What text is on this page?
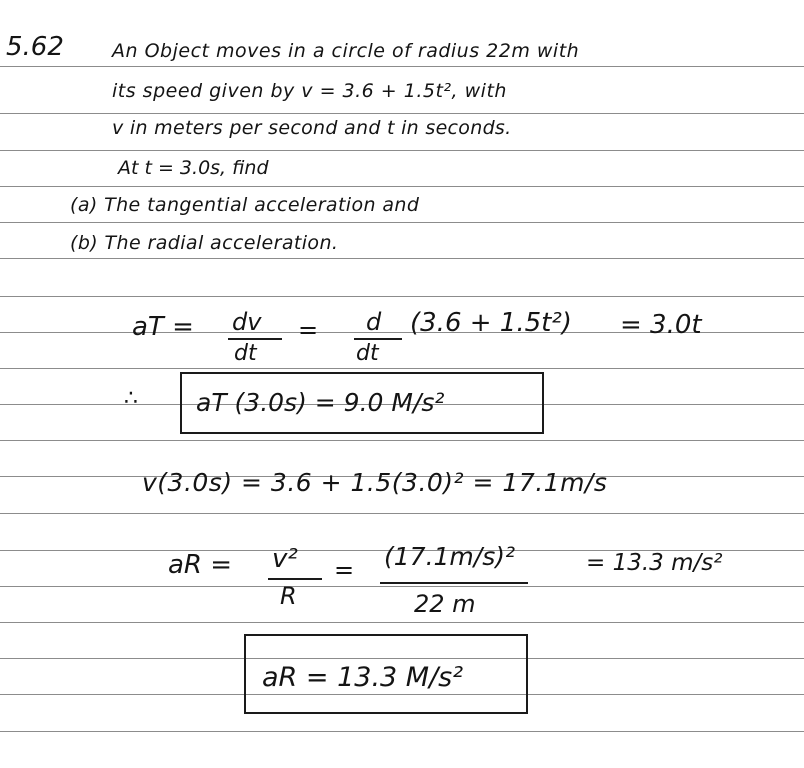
5.62	An Object moves in a circle of radius 22m with
its speed given by v = 3.6 + 1.5t², with
v in meters per second and t in seconds.
At t = 3.0s, find
(a) The tangential acceleration and
(b) The radial acceleration.
aT = dv
dt
= d
dt
(3.6 + 1.5t²) = 3.0t
∴ aT (3.0s) = 9.0 M/s²
v(3.0s) = 3.6 + 1.5(3.0)² = 17.1m/s
aR = v²
R
= (17.1m/s)²
22 m
= 13.3 m/s²
aR = 13.3 M/s²
